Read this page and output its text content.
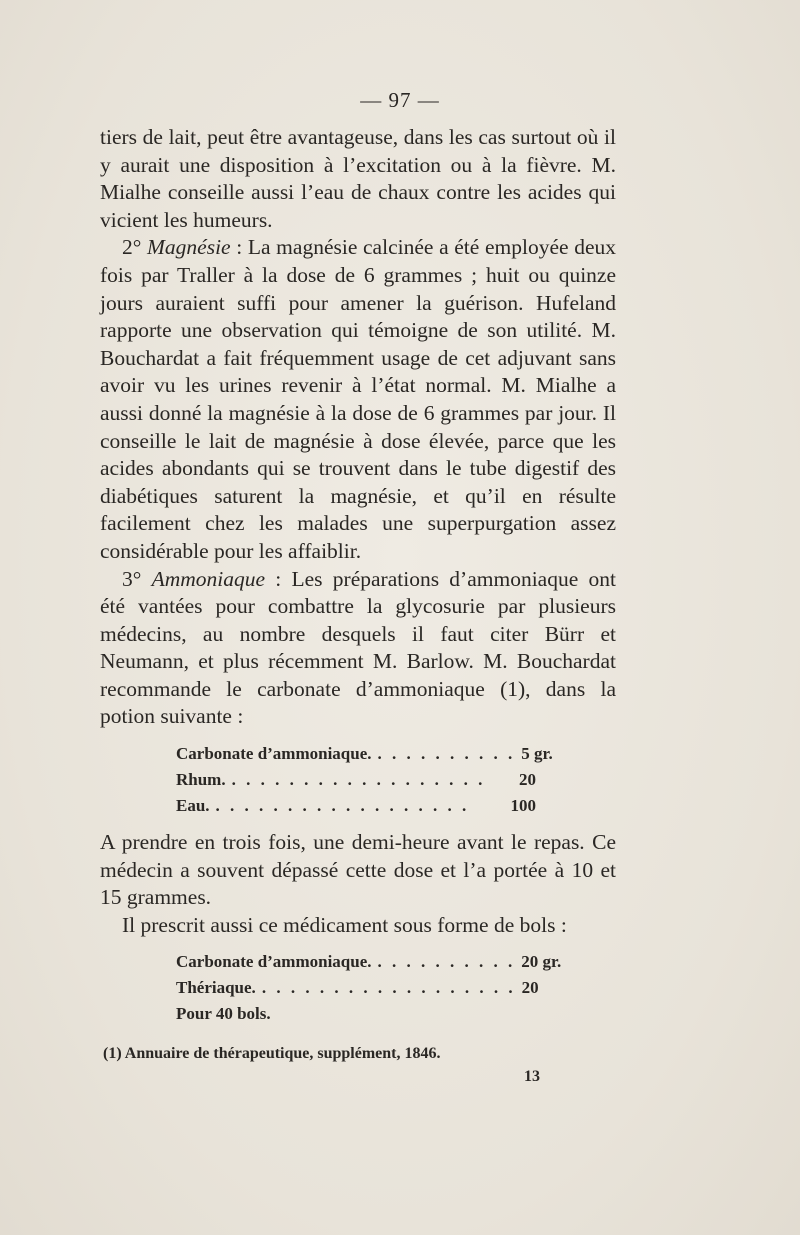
— 97 —

tiers de lait, peut être avantageuse, dans les cas surtout où il y aurait une disposition à l’excitation ou à la fièvre. M. Mialhe conseille aussi l’eau de chaux contre les acides qui vicient les humeurs.

2° Magnésie : La magnésie calcinée a été employée deux fois par Traller à la dose de 6 grammes ; huit ou quinze jours auraient suffi pour amener la guérison. Hufeland rapporte une observation qui témoigne de son utilité. M. Bouchardat a fait fréquemment usage de cet adjuvant sans avoir vu les urines revenir à l’état normal. M. Mialhe a aussi donné la magnésie à la dose de 6 grammes par jour. Il conseille le lait de magnésie à dose élevée, parce que les acides abondants qui se trouvent dans le tube digestif des diabétiques saturent la magnésie, et qu’il en résulte facilement chez les malades une superpurgation assez considérable pour les affaiblir.

3° Ammoniaque : Les préparations d’ammoniaque ont été vantées pour combattre la glycosurie par plusieurs médecins, au nombre desquels il faut citer Bürr et Neumann, et plus récemment M. Barlow. M. Bouchardat recommande le carbonate d’ammoniaque (1), dans la potion suivante :

Carbonate d’ammoniaque. . . . . . . . . . . 5 gr.
Rhum. . . . . . . . . . . . . . . . . . .	20
Eau. . . . . . . . . . . . . . . . . . .	100

A prendre en trois fois, une demi-heure avant le repas. Ce médecin a souvent dépassé cette dose et l’a portée à 10 et 15 grammes.

Il prescrit aussi ce médicament sous forme de bols :

Carbonate d’ammoniaque. . . . . . . . . . . 20 gr.
Thériaque. . . . . . . . . . . . . . . . . . . 20
Pour 40 bols.
(1) Annuaire de thérapeutique, supplément, 1846.
13
